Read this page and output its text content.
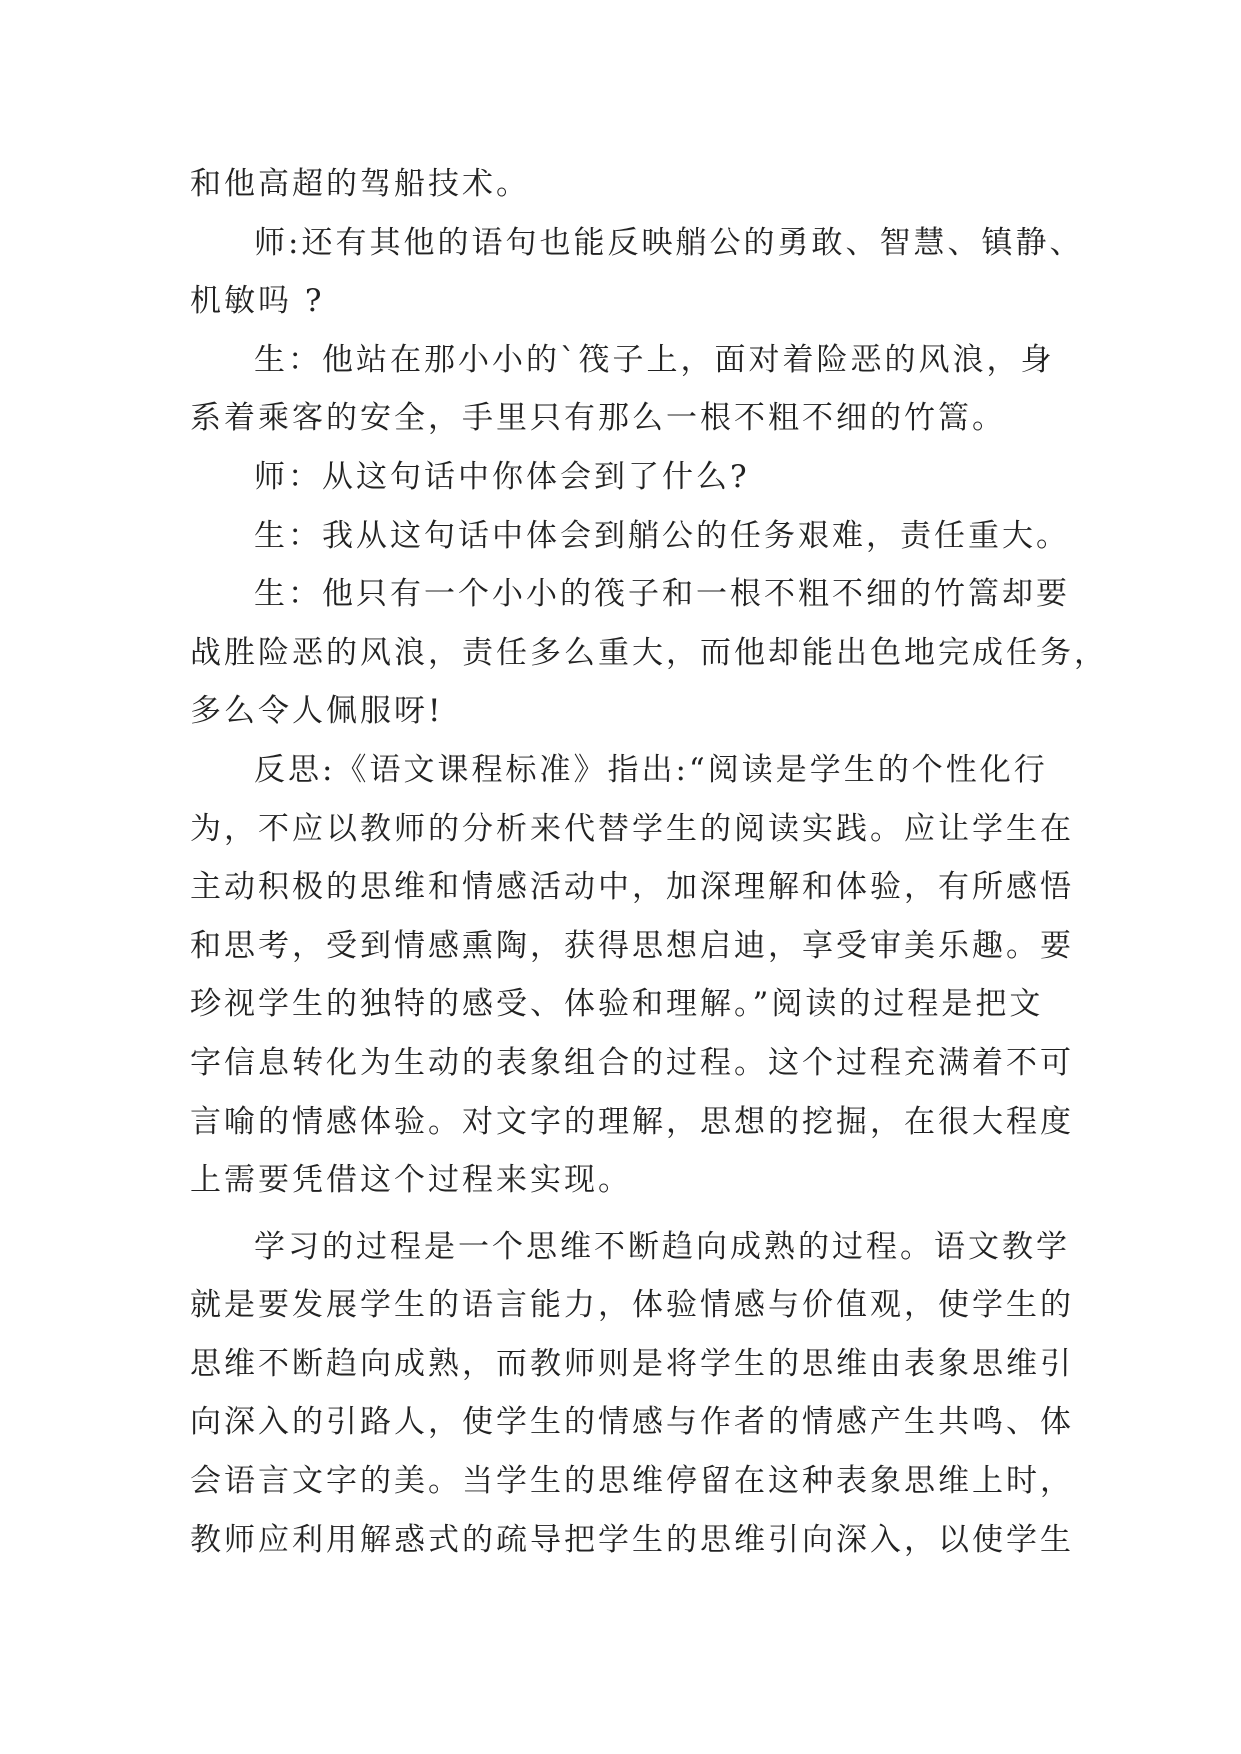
和他高超的驾船技术。
师:还有其他的语句也能反映艄公的勇敢、智慧、镇静、
机敏吗 ?
生：他站在那小小的`筏子上，面对着险恶的风浪，身
系着乘客的安全，手里只有那么一根不粗不细的竹篙。
师：从这句话中你体会到了什么?
生：我从这句话中体会到艄公的任务艰难，责任重大。
生：他只有一个小小的筏子和一根不粗不细的竹篙却要
战胜险恶的风浪，责任多么重大，而他却能出色地完成任务，
多么令人佩服呀!
反思:《语文课程标准》指出:“阅读是学生的个性化行
为，不应以教师的分析来代替学生的阅读实践。应让学生在
主动积极的思维和情感活动中，加深理解和体验，有所感悟
和思考，受到情感熏陶，获得思想启迪，享受审美乐趣。要
珍视学生的独特的感受、体验和理解。”阅读的过程是把文
字信息转化为生动的表象组合的过程。这个过程充满着不可
言喻的情感体验。对文字的理解，思想的挖掘，在很大程度
上需要凭借这个过程来实现。
学习的过程是一个思维不断趋向成熟的过程。语文教学
就是要发展学生的语言能力，体验情感与价值观，使学生的
思维不断趋向成熟，而教师则是将学生的思维由表象思维引
向深入的引路人，使学生的情感与作者的情感产生共鸣、体
会语言文字的美。当学生的思维停留在这种表象思维上时，
教师应利用解惑式的疏导把学生的思维引向深入，以使学生
